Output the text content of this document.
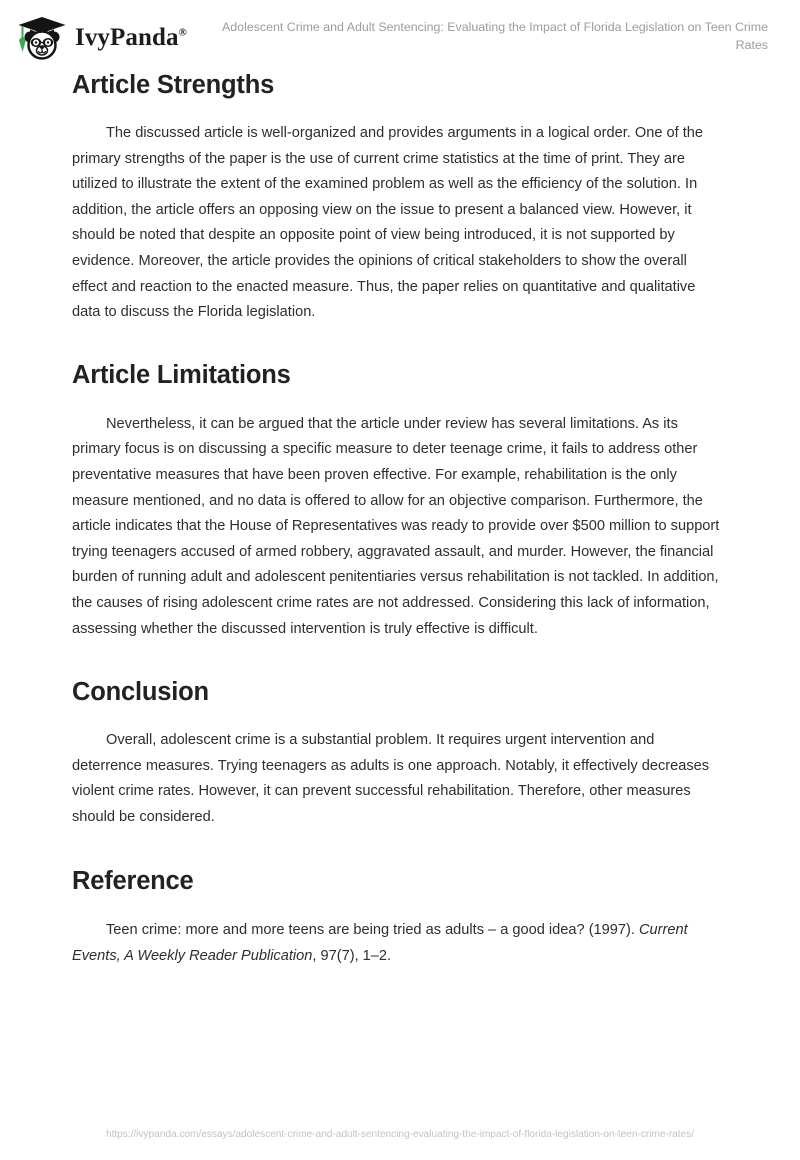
IvyPanda®	Adolescent Crime and Adult Sentencing: Evaluating the Impact of Florida Legislation on Teen Crime Rates
Article Strengths

The discussed article is well-organized and provides arguments in a logical order. One of the primary strengths of the paper is the use of current crime statistics at the time of print. They are utilized to illustrate the extent of the examined problem as well as the efficiency of the solution. In addition, the article offers an opposing view on the issue to present a balanced view. However, it should be noted that despite an opposite point of view being introduced, it is not supported by evidence. Moreover, the article provides the opinions of critical stakeholders to show the overall effect and reaction to the enacted measure. Thus, the paper relies on quantitative and qualitative data to discuss the Florida legislation.

Article Limitations

Nevertheless, it can be argued that the article under review has several limitations. As its primary focus is on discussing a specific measure to deter teenage crime, it fails to address other preventative measures that have been proven effective. For example, rehabilitation is the only measure mentioned, and no data is offered to allow for an objective comparison. Furthermore, the article indicates that the House of Representatives was ready to provide over $500 million to support trying teenagers accused of armed robbery, aggravated assault, and murder. However, the financial burden of running adult and adolescent penitentiaries versus rehabilitation is not tackled. In addition, the causes of rising adolescent crime rates are not addressed. Considering this lack of information, assessing whether the discussed intervention is truly effective is difficult.

Conclusion

Overall, adolescent crime is a substantial problem. It requires urgent intervention and deterrence measures. Trying teenagers as adults is one approach. Notably, it effectively decreases violent crime rates. However, it can prevent successful rehabilitation. Therefore, other measures should be considered.

Reference

Teen crime: more and more teens are being tried as adults – a good idea? (1997). Current Events, A Weekly Reader Publication, 97(7), 1–2.

https://ivypanda.com/essays/adolescent-crime-and-adult-sentencing-evaluating-the-impact-of-florida-legislation-on-teen-crime-rates/
